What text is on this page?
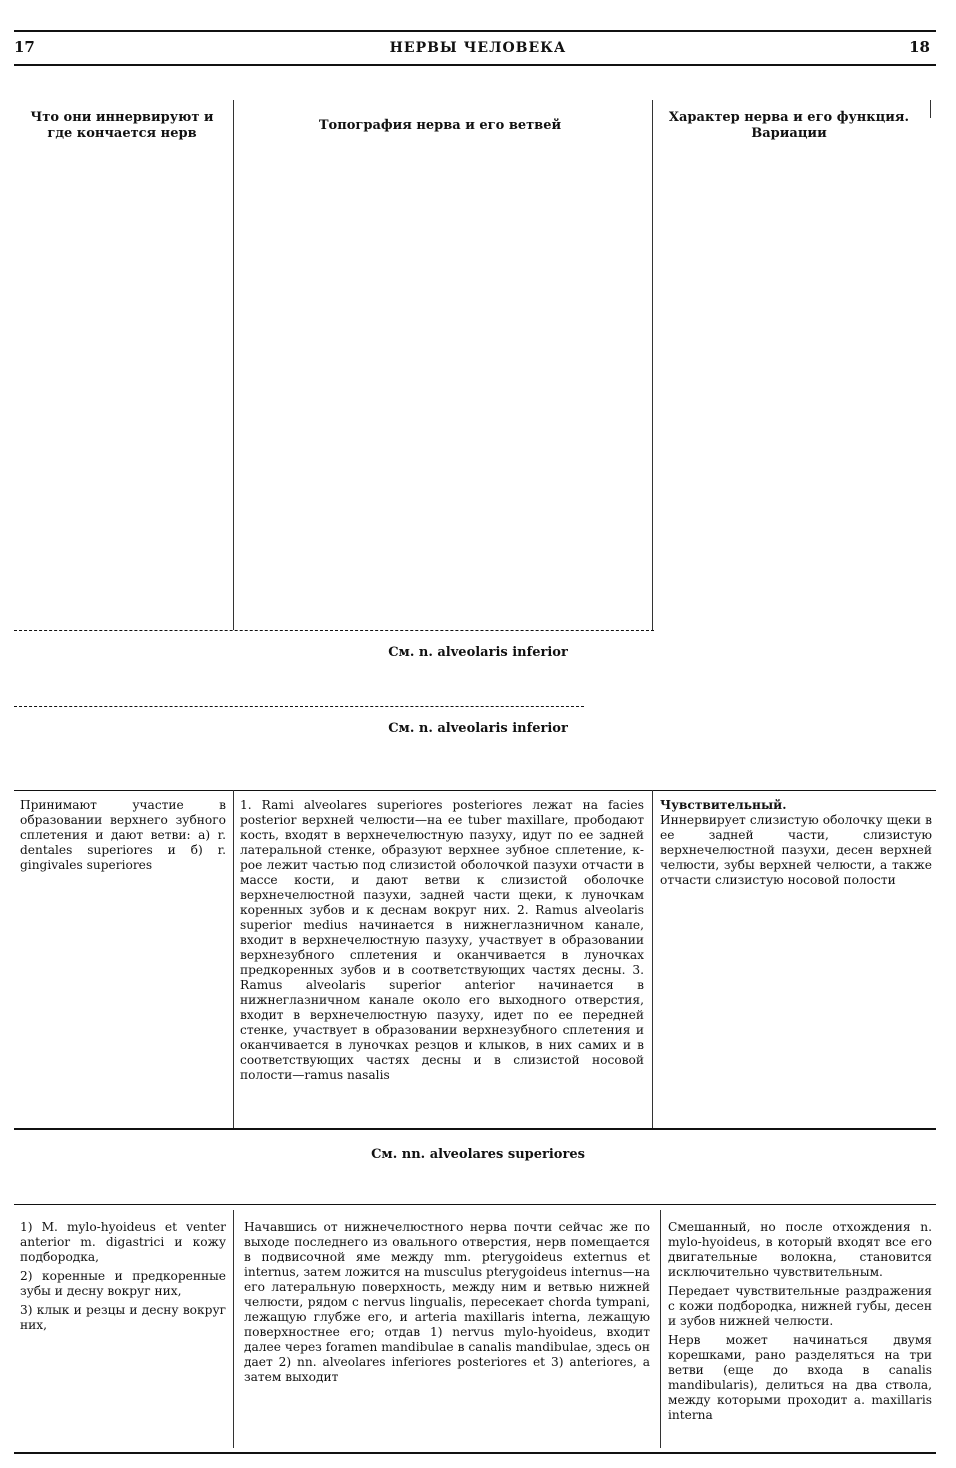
17	НЕРВЫ ЧЕЛОВЕКА	18
Что они иннервируют и где кончается нерв
Топография нерва и его ветвей
Характер нерва и его функция. Вариации
См. n. alveolaris inferior
См. n. alveolaris inferior
Принимают участие в образовании верхнего зубного сплетения и дают ветви: а) r. dentales superiores и б) r. gingivales superiores
1. Rami alveolares superiores posteriores лежат на facies posterior верхней челюсти—на ее tuber maxillare, прободают кость, входят в верхнечелюстную пазуху, идут по ее задней латеральной стенке, образуют верхнее зубное сплетение, к-рое лежит частью под слизистой оболочкой пазухи отчасти в массе кости, и дают ветви к слизистой оболочке верхнечелюстной пазухи, задней части щеки, к луночкам коренных зубов и к деснам вокруг них. 2. Ramus alveolaris superior medius начинается в нижнеглазничном канале, входит в верхнечелюстную пазуху, участвует в образовании верхнезубного сплетения и оканчивается в луночках предкоренных зубов и в соответствующих частях десны. 3. Ramus alveolaris superior anterior начинается в нижнеглазничном канале около его выходного отверстия, входит в верхнечелюстную пазуху, идет по ее передней стенке, участвует в образовании верхнезубного сплетения и оканчивается в луночках резцов и клыков, в них самих и в соответствующих частях десны и в слизистой носовой полости—ramus nasalis
Чувствительный.
Иннервирует слизистую оболочку щеки в ее задней части, слизистую верхнечелюстной пазухи, десен верхней челюсти, зубы верхней челюсти, а также отчасти слизистую носовой полости
См. nn. alveolares superiores

1) M. mylo-hyoideus et venter anterior m. digastrici и кожу подбородка,

2) коренные и предкоренные зубы и десну вокруг них,

3) клык и резцы и десну вокруг них,

Начавшись от нижнечелюстного нерва почти сейчас же по выходе последнего из овального отверстия, нерв помещается в подвисочной яме между mm. pterygoideus externus et internus, затем ложится на musculus pterygoideus internus—на его латеральную поверхность, между ним и ветвью нижней челюсти, рядом с nervus lingualis, пересекает chorda tympani, лежащую глубже его, и arteria maxillaris interna, лежащую поверхностнее его; отдав 1) nervus mylo-hyoideus, входит далее через foramen mandibulae в canalis mandibulae, здесь он дает 2) nn. alveolares inferiores posteriores et 3) anteriores, а затем выходит

Смешанный, но после отхождения n. mylo-hyoideus, в который входят все его двигательные волокна, становится исключительно чувствительным.

Передает чувствительные раздражения с кожи подбородка, нижней губы, десен и зубов нижней челюсти.

Нерв может начинаться двумя корешками, рано разделяться на три ветви (еще до входа в canalis mandibularis), делиться на два ствола, между которыми проходит а. maxillaris interna
